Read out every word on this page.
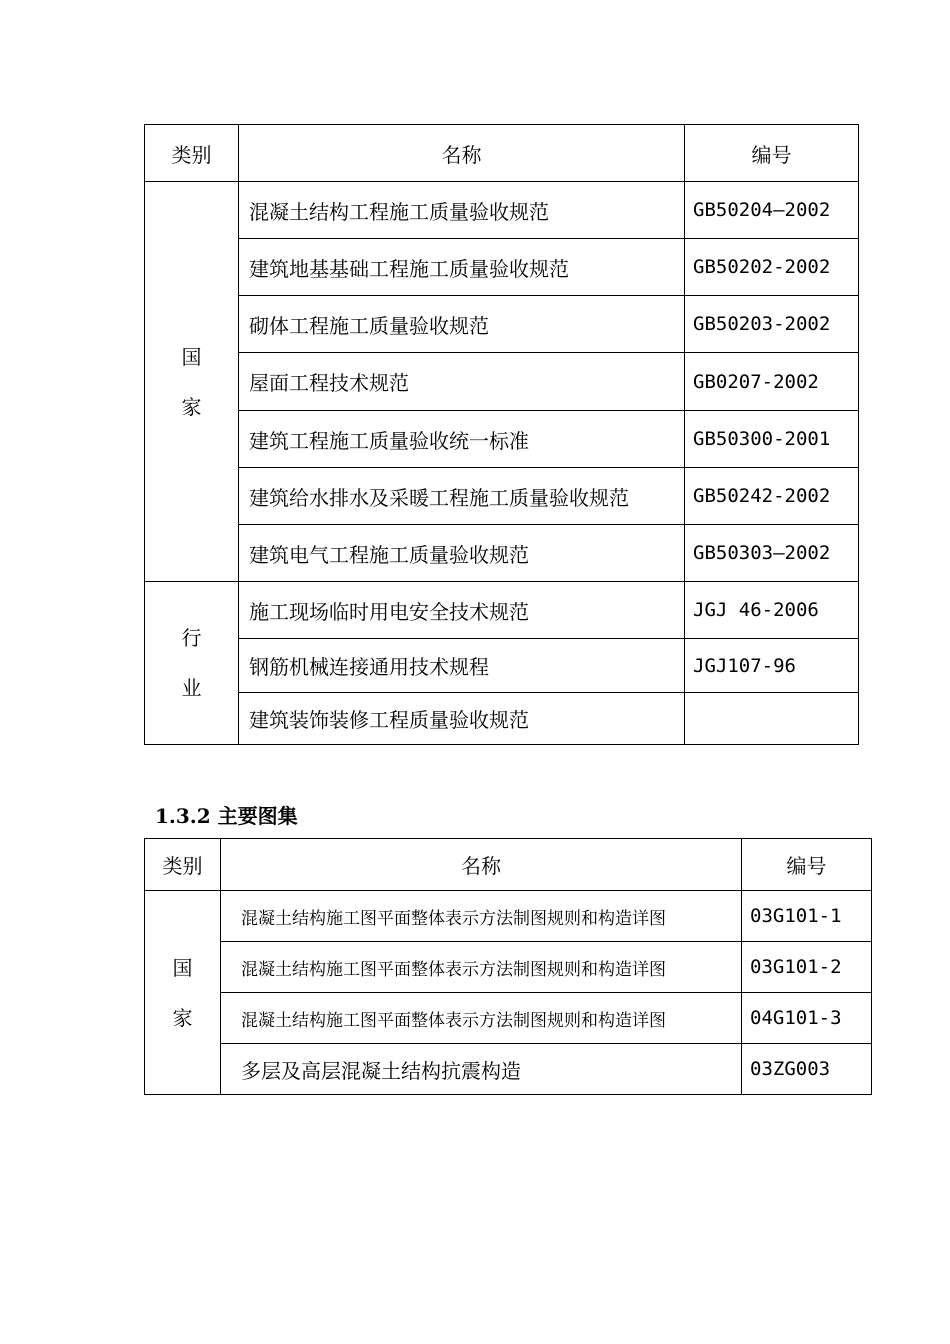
类别	名称	编号

国
家	混凝土结构工程施工质量验收规范	GB50204—2002
	建筑地基基础工程施工质量验收规范	GB50202-2002
	砌体工程施工质量验收规范	GB50203-2002
	屋面工程技术规范	GB0207-2002
	建筑工程施工质量验收统一标准	GB50300-2001
	建筑给水排水及采暖工程施工质量验收规范	GB50242-2002
	建筑电气工程施工质量验收规范	GB50303—2002

行
业	施工现场临时用电安全技术规范	JGJ 46-2006
	钢筋机械连接通用技术规程	JGJ107-96
	建筑装饰装修工程质量验收规范	
1.3.2 主要图集
类别	名称	编号

国
家	混凝土结构施工图平面整体表示方法制图规则和构造详图	03G101-1
	混凝土结构施工图平面整体表示方法制图规则和构造详图	03G101-2
	混凝土结构施工图平面整体表示方法制图规则和构造详图	04G101-3
	多层及高层混凝土结构抗震构造	03ZG003
